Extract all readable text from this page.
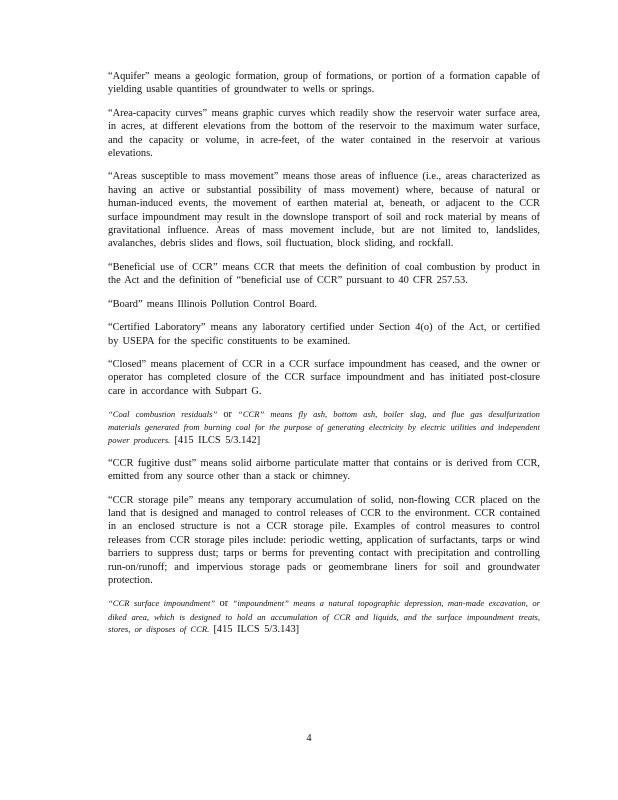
“Aquifer” means a geologic formation, group of formations, or portion of a formation capable of yielding usable quantities of groundwater to wells or springs.

“Area-capacity curves” means graphic curves which readily show the reservoir water surface area, in acres, at different elevations from the bottom of the reservoir to the maximum water surface, and the capacity or volume, in acre-feet, of the water contained in the reservoir at various elevations.

“Areas susceptible to mass movement” means those areas of influence (i.e., areas characterized as having an active or substantial possibility of mass movement) where, because of natural or human-induced events, the movement of earthen material at, beneath, or adjacent to the CCR surface impoundment may result in the downslope transport of soil and rock material by means of gravitational influence. Areas of mass movement include, but are not limited to, landslides, avalanches, debris slides and flows, soil fluctuation, block sliding, and rockfall.

“Beneficial use of CCR” means CCR that meets the definition of coal combustion by product in the Act and the definition of “beneficial use of CCR” pursuant to 40 CFR 257.53.

“Board” means Illinois Pollution Control Board.

“Certified Laboratory” means any laboratory certified under Section 4(o) of the Act, or certified by USEPA for the specific constituents to be examined.

“Closed” means placement of CCR in a CCR surface impoundment has ceased, and the owner or operator has completed closure of the CCR surface impoundment and has initiated post-closure care in accordance with Subpart G.

“Coal combustion residuals” or “CCR” means fly ash, bottom ash, boiler slag, and flue gas desulfurization materials generated from burning coal for the purpose of generating electricity by electric utilities and independent power producers. [415 ILCS 5/3.142]

“CCR fugitive dust” means solid airborne particulate matter that contains or is derived from CCR, emitted from any source other than a stack or chimney.

“CCR storage pile” means any temporary accumulation of solid, non-flowing CCR placed on the land that is designed and managed to control releases of CCR to the environment. CCR contained in an enclosed structure is not a CCR storage pile. Examples of control measures to control releases from CCR storage piles include: periodic wetting, application of surfactants, tarps or wind barriers to suppress dust; tarps or berms for preventing contact with precipitation and controlling run-on/runoff; and impervious storage pads or geomembrane liners for soil and groundwater protection.

“CCR surface impoundment” or “impoundment” means a natural topographic depression, man-made excavation, or diked area, which is designed to hold an accumulation of CCR and liquids, and the surface impoundment treats, stores, or disposes of CCR. [415 ILCS 5/3.143]

4
